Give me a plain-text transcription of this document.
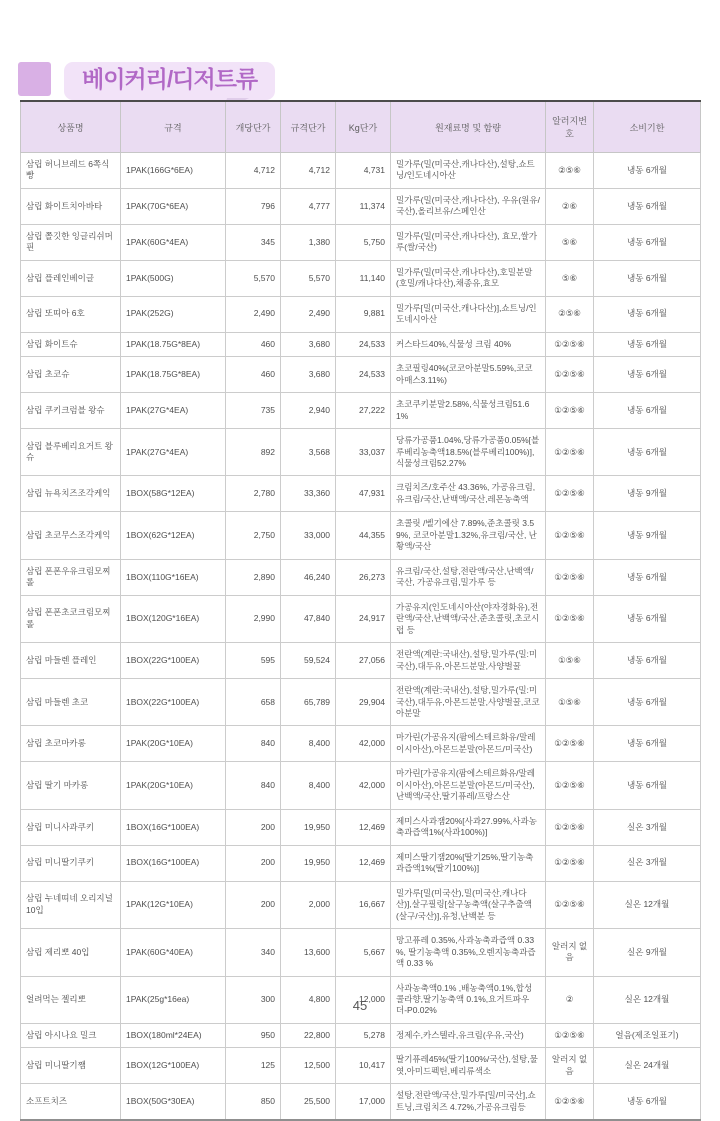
베이커리/디저트류
상품명	규격	개당단가	규격단가	Kg단가	원재료명 및 함량	알러지번호	소비기한
삼립 허니브레드 6쪽식빵	1PAK(166G*6EA)	4,712	4,712	4,731	밀가루(밀(미국산,캐나다산),설탕,쇼트닝/인도네시아산	②⑤⑥	냉동 6개월
삼립 화이트치아바타	1PAK(70G*6EA)	796	4,777	11,374	밀가루(밀(미국산,캐나다산), 우유(원유/국산),올리브유/스페인산	②⑥	냉동 6개월
삼립 쫄깃한 잉글리쉬머핀	1PAK(60G*4EA)	345	1,380	5,750	밀가루(밀(미국산,캐나다산), 효모,쌀가루(쌀/국산)	⑤⑥	냉동 6개월
삼립 플레인베이글	1PAK(500G)	5,570	5,570	11,140	밀가루(밀(미국산,캐나다산),호밀분말(호밀/캐나다산),채종유,효모	⑤⑥	냉동 6개월
삼립 또띠아 6호	1PAK(252G)	2,490	2,490	9,881	밀가루[밀(미국산,캐나다산)],쇼트닝/인도네시아산	②⑤⑥	냉동 6개월
삼립 화이트슈	1PAK(18.75G*8EA)	460	3,680	24,533	커스타드40%,식물성 크림 40%	①②⑤⑥	냉동 6개월
삼립 초코슈	1PAK(18.75G*8EA)	460	3,680	24,533	초코필링40%(코코아분말5.59%,코코아매스3.11%)	①②⑤⑥	냉동 6개월
삼립 쿠키크럼블 왕슈	1PAK(27G*4EA)	735	2,940	27,222	초코쿠키분말2.58%,식물성크림51.61%	①②⑤⑥	냉동 6개월
삼립 블루베리요거트 왕슈	1PAK(27G*4EA)	892	3,568	33,037	당류가공품1.04%,당류가공품0.05%[블루베리농축액18.5%(블루베리100%)],식물성크림52.27%	①②⑤⑥	냉동 6개월
삼립 뉴욕치즈조각케익	1BOX(58G*12EA)	2,780	33,360	47,931	크림치즈/호주산 43.36%, 가공유크림,유크림/국산,난백액/국산,레몬농축액	①②⑤⑥	냉동 9개월
삼립 초코무스조각케익	1BOX(62G*12EA)	2,750	33,000	44,355	초콜릿 /벨기에산 7.89%,준초콜릿 3.59%, 코코아분말1.32%,유크림/국산, 난황액/국산	①②⑤⑥	냉동 9개월
삼립 폰폰우유크림모찌롤	1BOX(110G*16EA)	2,890	46,240	26,273	유크림/국산,설탕,전란액/국산,난백액/국산, 가공유크림,밀가루 등	①②⑤⑥	냉동 6개월
삼립 폰폰초코크림모찌롤	1BOX(120G*16EA)	2,990	47,840	24,917	가공유지(인도네시아산(야자경화유),전란액/국산,난백액/국산,준초콜릿,초코시럽 등	①②⑤⑥	냉동 6개월
삼립 마들렌 플레인	1BOX(22G*100EA)	595	59,524	27,056	전란액(계란:국내산),설탕,밀가루(밀:미국산),대두유,아몬드분말,사양벌꿀	①⑤⑥	냉동 6개월
삼립 마들렌 초코	1BOX(22G*100EA)	658	65,789	29,904	전란액(계란:국내산),설탕,밀가루(밀:미국산),대두유,아몬드분말,사양벌꿀,코코아분말	①⑤⑥	냉동 6개월
삼립 초코마카롱	1PAK(20G*10EA)	840	8,400	42,000	마가린(가공유지(팜에스테르화유/말레이시아산),아몬드분말(아몬드/미국산)	①②⑤⑥	냉동 6개월
삼립 딸기 마카롱	1PAK(20G*10EA)	840	8,400	42,000	마가린[가공유지(팜에스테르화유/말레이시아산),아몬드분말(아몬드/미국산),난백액/국산,딸기퓨레/프랑스산	①②⑤⑥	냉동 6개월
삼립 미니사과쿠키	1BOX(16G*100EA)	200	19,950	12,469	제미스사과잼20%[사과27.99%,사과농축과즙액1%(사과100%)]	①②⑤⑥	실온 3개월
삼립 미니딸기쿠키	1BOX(16G*100EA)	200	19,950	12,469	제미스딸기잼20%[딸기25%,딸기농축과즙액1%(딸기100%)]	①②⑤⑥	실온 3개월
삼립 누네띠네 오리지널10입	1PAK(12G*10EA)	200	2,000	16,667	밀가루[밀(미국산),밀(미국산,캐나다산)],살구필링[살구농축액(살구추출액(살구/국산)],유청,난백분 등	①②⑤⑥	실온 12개월
삼립 제리뽀 40입	1PAK(60G*40EA)	340	13,600	5,667	망고퓨레 0.35%,사과농축과즙액 0.33 %, 딸기농축액 0.35%,오렌지농축과즙액 0.33 %	알러지 없음	실온 9개월
얼려먹는 젤리뽀	1PAK(25g*16ea)	300	4,800	12,000	사과농축액0.1% ,배농축액0.1%,합성콜라향,딸기농축액 0.1%,요거트파우더-P0.02%	②	실온 12개월
삼립 아시나요 밀크	1BOX(180ml*24EA)	950	22,800	5,278	정제수,카스텔라,유크림(우유,국산)	①②⑤⑥	얼음(제조일표기)
삼립 미니딸기쨈	1BOX(12G*100EA)	125	12,500	10,417	딸기퓨레45%(딸기100%/국산),설탕,물엿,아미드펙틴,베리류색소	알러지 없음	실온 24개월
소프트치즈	1BOX(50G*30EA)	850	25,500	17,000	설탕,전란액/국산,밀가루[밀/미국산],쇼트닝,크림치즈 4.72%,가공유크림등	①②⑤⑥	냉동 6개월
45
